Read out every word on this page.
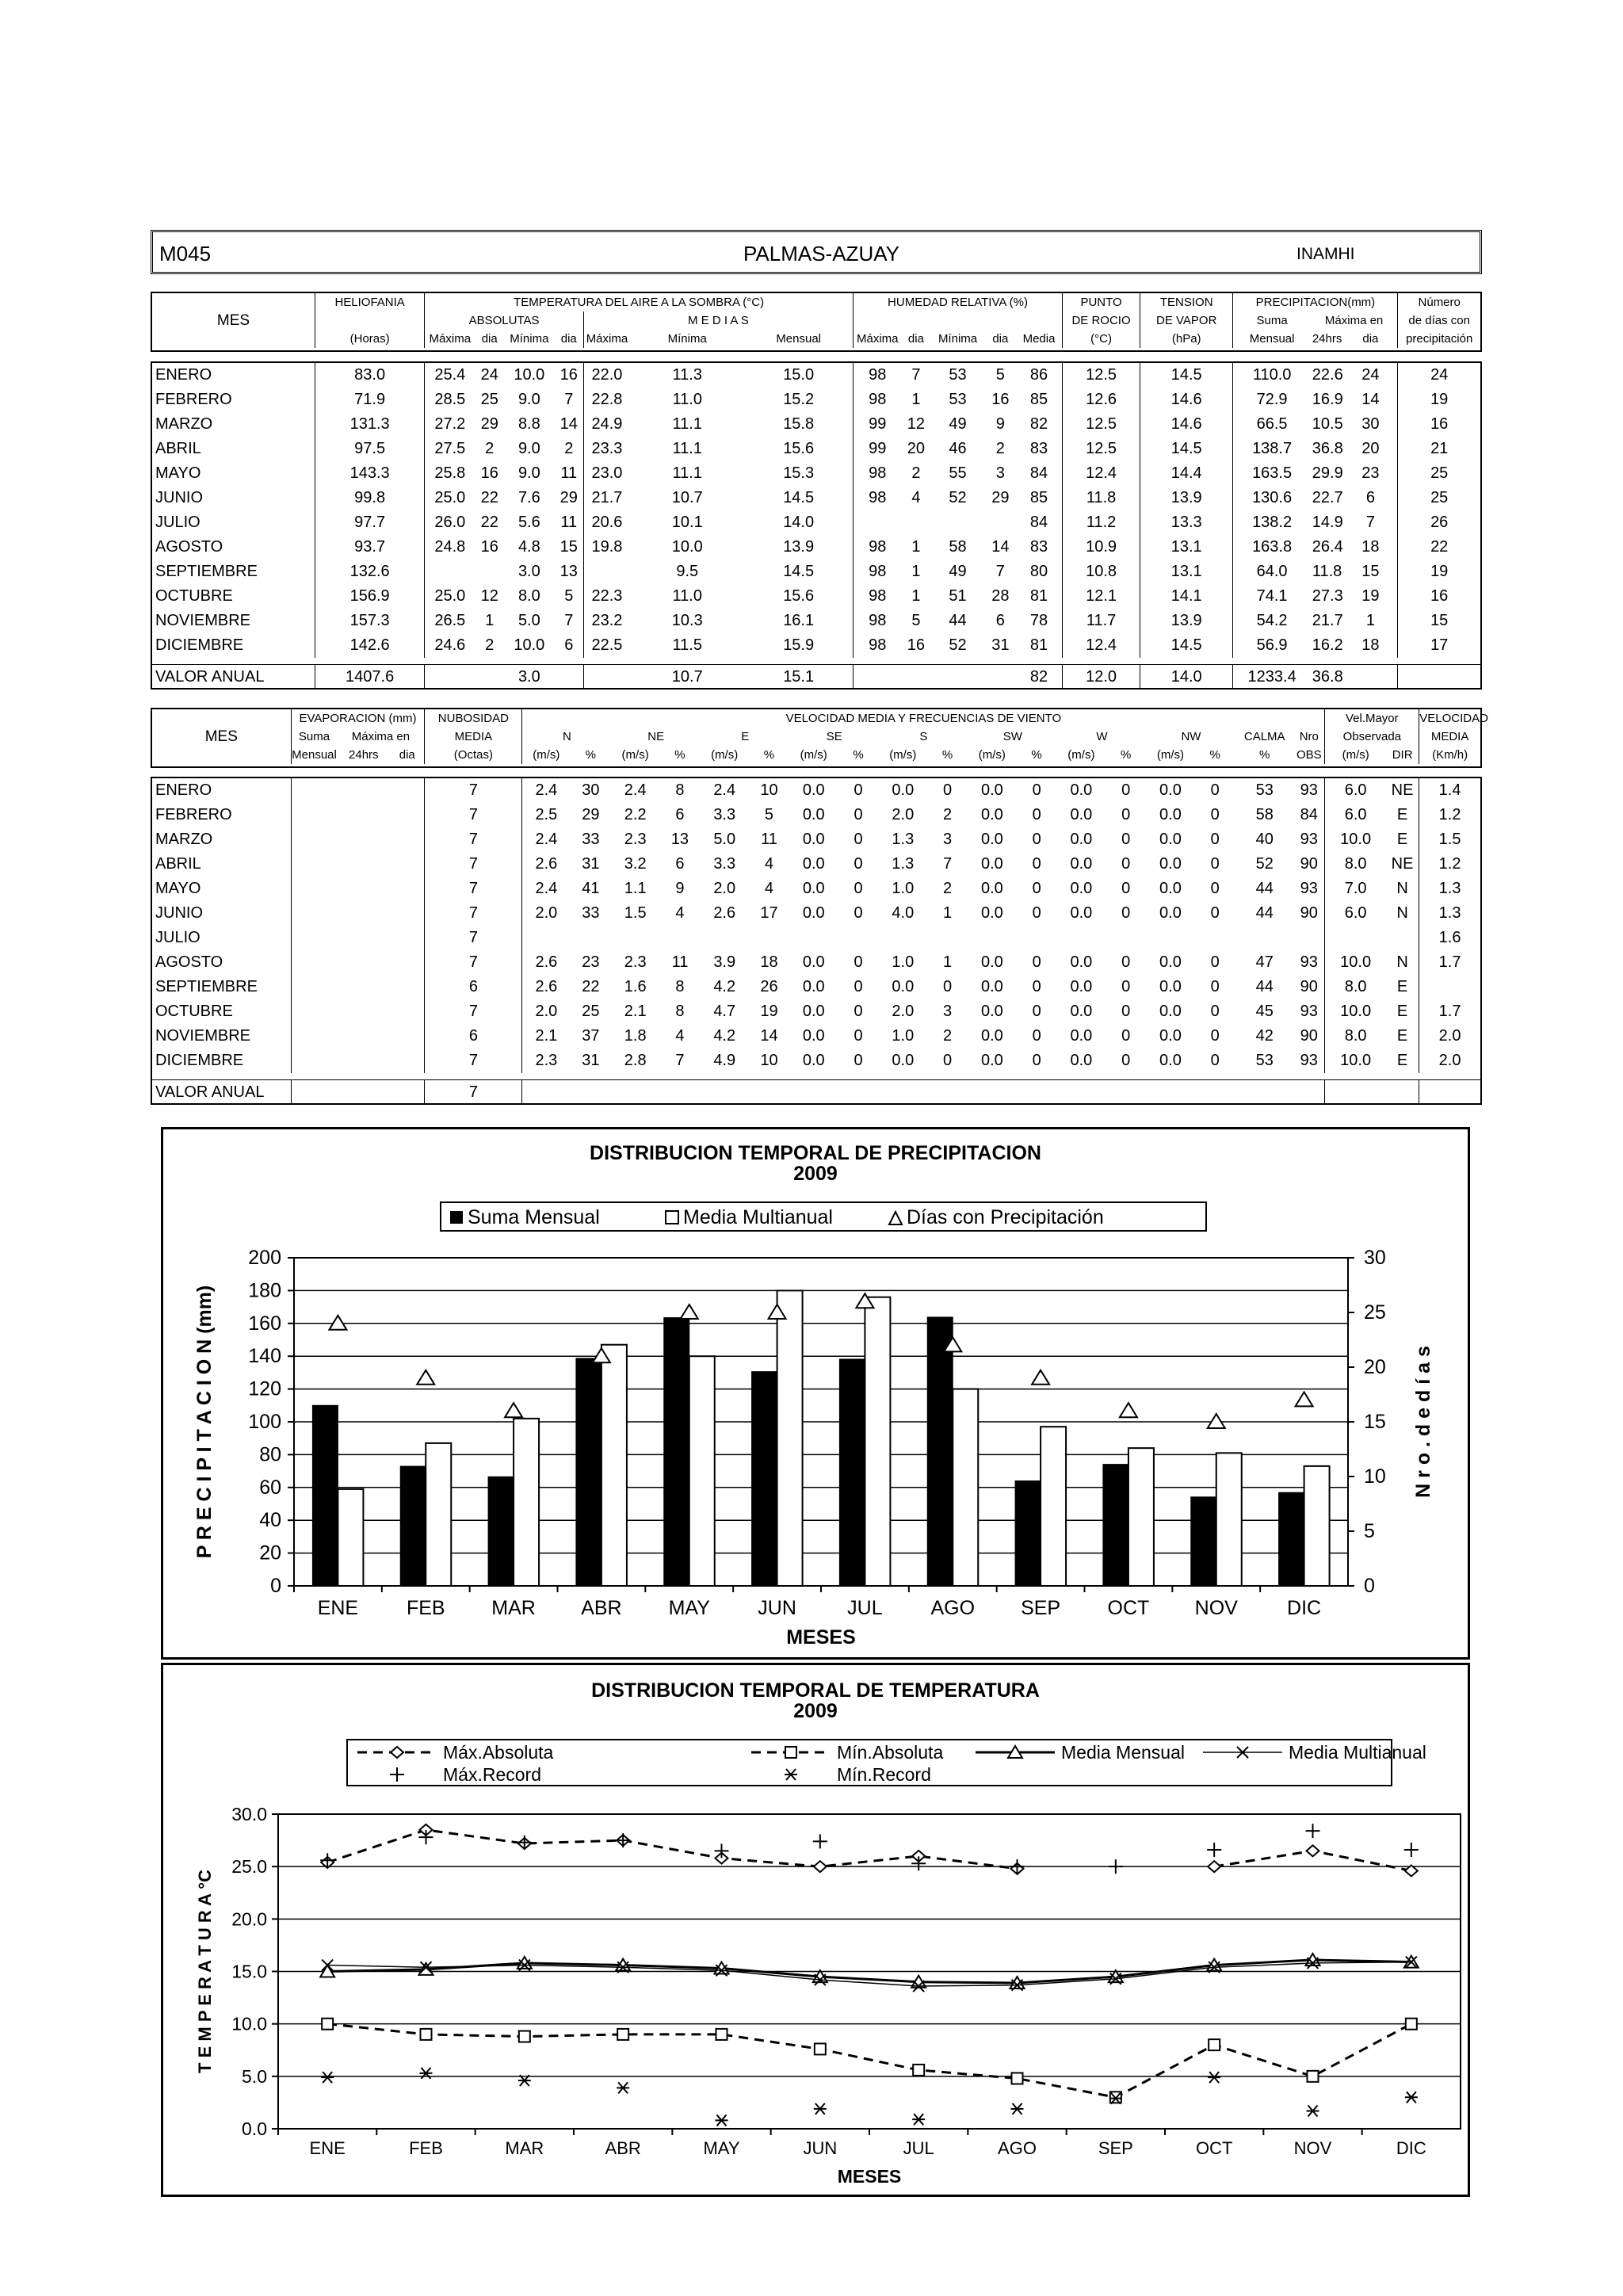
M045	PALMAS-AZUAY	INAMHI
	HELIOFANIA	TEMPERATURA DEL AIRE A LA SOMBRA (°C)							HUMEDAD RELATIVA (%)					PUNTO	TENSION	PRECIPITACION(mm)			Número
MES		ABSOLUTAS				M E D I A S								DE ROCIO	DE VAPOR	Suma	Máxima en		de días con
	(Horas)	Máxima	dia	Mínima	dia	Máxima	Mínima	Mensual	Máxima	dia	Mínima	dia	Media	(°C)	(hPa)	Mensual	24hrs	dia	precipitación
ENERO	83.0	25.4	24	10.0	16	22.0	11.3	15.0	98	7	53	5	86	12.5	14.5	110.0	22.6	24	24
FEBRERO	71.9	28.5	25	9.0	7	22.8	11.0	15.2	98	1	53	16	85	12.6	14.6	72.9	16.9	14	19
MARZO	131.3	27.2	29	8.8	14	24.9	11.1	15.8	99	12	49	9	82	12.5	14.6	66.5	10.5	30	16
ABRIL	97.5	27.5	2	9.0	2	23.3	11.1	15.6	99	20	46	2	83	12.5	14.5	138.7	36.8	20	21
MAYO	143.3	25.8	16	9.0	11	23.0	11.1	15.3	98	2	55	3	84	12.4	14.4	163.5	29.9	23	25
JUNIO	99.8	25.0	22	7.6	29	21.7	10.7	14.5	98	4	52	29	85	11.8	13.9	130.6	22.7	6	25
JULIO	97.7	26.0	22	5.6	11	20.6	10.1	14.0					84	11.2	13.3	138.2	14.9	7	26
AGOSTO	93.7	24.8	16	4.8	15	19.8	10.0	13.9	98	1	58	14	83	10.9	13.1	163.8	26.4	18	22
SEPTIEMBRE	132.6			3.0	13		9.5	14.5	98	1	49	7	80	10.8	13.1	64.0	11.8	15	19
OCTUBRE	156.9	25.0	12	8.0	5	22.3	11.0	15.6	98	1	51	28	81	12.1	14.1	74.1	27.3	19	16
NOVIEMBRE	157.3	26.5	1	5.0	7	23.2	10.3	16.1	98	5	44	6	78	11.7	13.9	54.2	21.7	1	15
DICIEMBRE	142.6	24.6	2	10.0	6	22.5	11.5	15.9	98	16	52	31	81	12.4	14.5	56.9	16.2	18	17

VALOR ANUAL	1407.6			3.0			10.7	15.1					82	12.0	14.0	1233.4	36.8		
	EVAPORACION (mm)			NUBOSIDAD	VELOCIDAD MEDIA Y FRECUENCIAS DE VIENTO																		Vel.Mayor		VELOCIDAD
MES	Suma	Máxima en		MEDIA	N		NE		E		SE		S		SW		W		NW		CALMA	Nro	Observada		MEDIA
	Mensual	24hrs	dia	(Octas)	(m/s)	%	(m/s)	%	(m/s)	%	(m/s)	%	(m/s)	%	(m/s)	%	(m/s)	%	(m/s)	%	%	OBS	(m/s)	DIR	(Km/h)
ENERO				7	2.4	30	2.4	8	2.4	10	0.0	0	0.0	0	0.0	0	0.0	0	0.0	0	53	93	6.0	NE	1.4
FEBRERO				7	2.5	29	2.2	6	3.3	5	0.0	0	2.0	2	0.0	0	0.0	0	0.0	0	58	84	6.0	E	1.2
MARZO				7	2.4	33	2.3	13	5.0	11	0.0	0	1.3	3	0.0	0	0.0	0	0.0	0	40	93	10.0	E	1.5
ABRIL				7	2.6	31	3.2	6	3.3	4	0.0	0	1.3	7	0.0	0	0.0	0	0.0	0	52	90	8.0	NE	1.2
MAYO				7	2.4	41	1.1	9	2.0	4	0.0	0	1.0	2	0.0	0	0.0	0	0.0	0	44	93	7.0	N	1.3
JUNIO				7	2.0	33	1.5	4	2.6	17	0.0	0	4.0	1	0.0	0	0.0	0	0.0	0	44	90	6.0	N	1.3
JULIO				7																					1.6
AGOSTO				7	2.6	23	2.3	11	3.9	18	0.0	0	1.0	1	0.0	0	0.0	0	0.0	0	47	93	10.0	N	1.7
SEPTIEMBRE				6	2.6	22	1.6	8	4.2	26	0.0	0	0.0	0	0.0	0	0.0	0	0.0	0	44	90	8.0	E	
OCTUBRE				7	2.0	25	2.1	8	4.7	19	0.0	0	2.0	3	0.0	0	0.0	0	0.0	0	45	93	10.0	E	1.7
NOVIEMBRE				6	2.1	37	1.8	4	4.2	14	0.0	0	1.0	2	0.0	0	0.0	0	0.0	0	42	90	8.0	E	2.0
DICIEMBRE				7	2.3	31	2.8	7	4.9	10	0.0	0	0.0	0	0.0	0	0.0	0	0.0	0	53	93	10.0	E	2.0

VALOR ANUAL				7																					
DISTRIBUCION TEMPORAL DE PRECIPITACION
2009
Suma Mensual	Media Multianual	Días con Precipitación
0
20
40
60
80
100
120
140
160
180
200
0
5
10
15
20
25
30
ENE FEB MAR ABR MAY JUN	JUL AGO SEP OCT NOV DIC
MESES
P R E C I P I T A C I O N (mm)	N r o . d e d í a s
DISTRIBUCION TEMPORAL DE TEMPERATURA
2009
Máx.Absoluta	Mín.Absoluta	Media Mensual	Media Multianual
Máx.Record	Mín.Record
0.0
5.0
10.0
15.0
20.0
25.0
30.0
ENE	FEB	MAR	ABR	MAY	JUN	JUL	AGO	SEP	OCT	NOV	DIC
MESES
T E M P E R A T U R A °C
